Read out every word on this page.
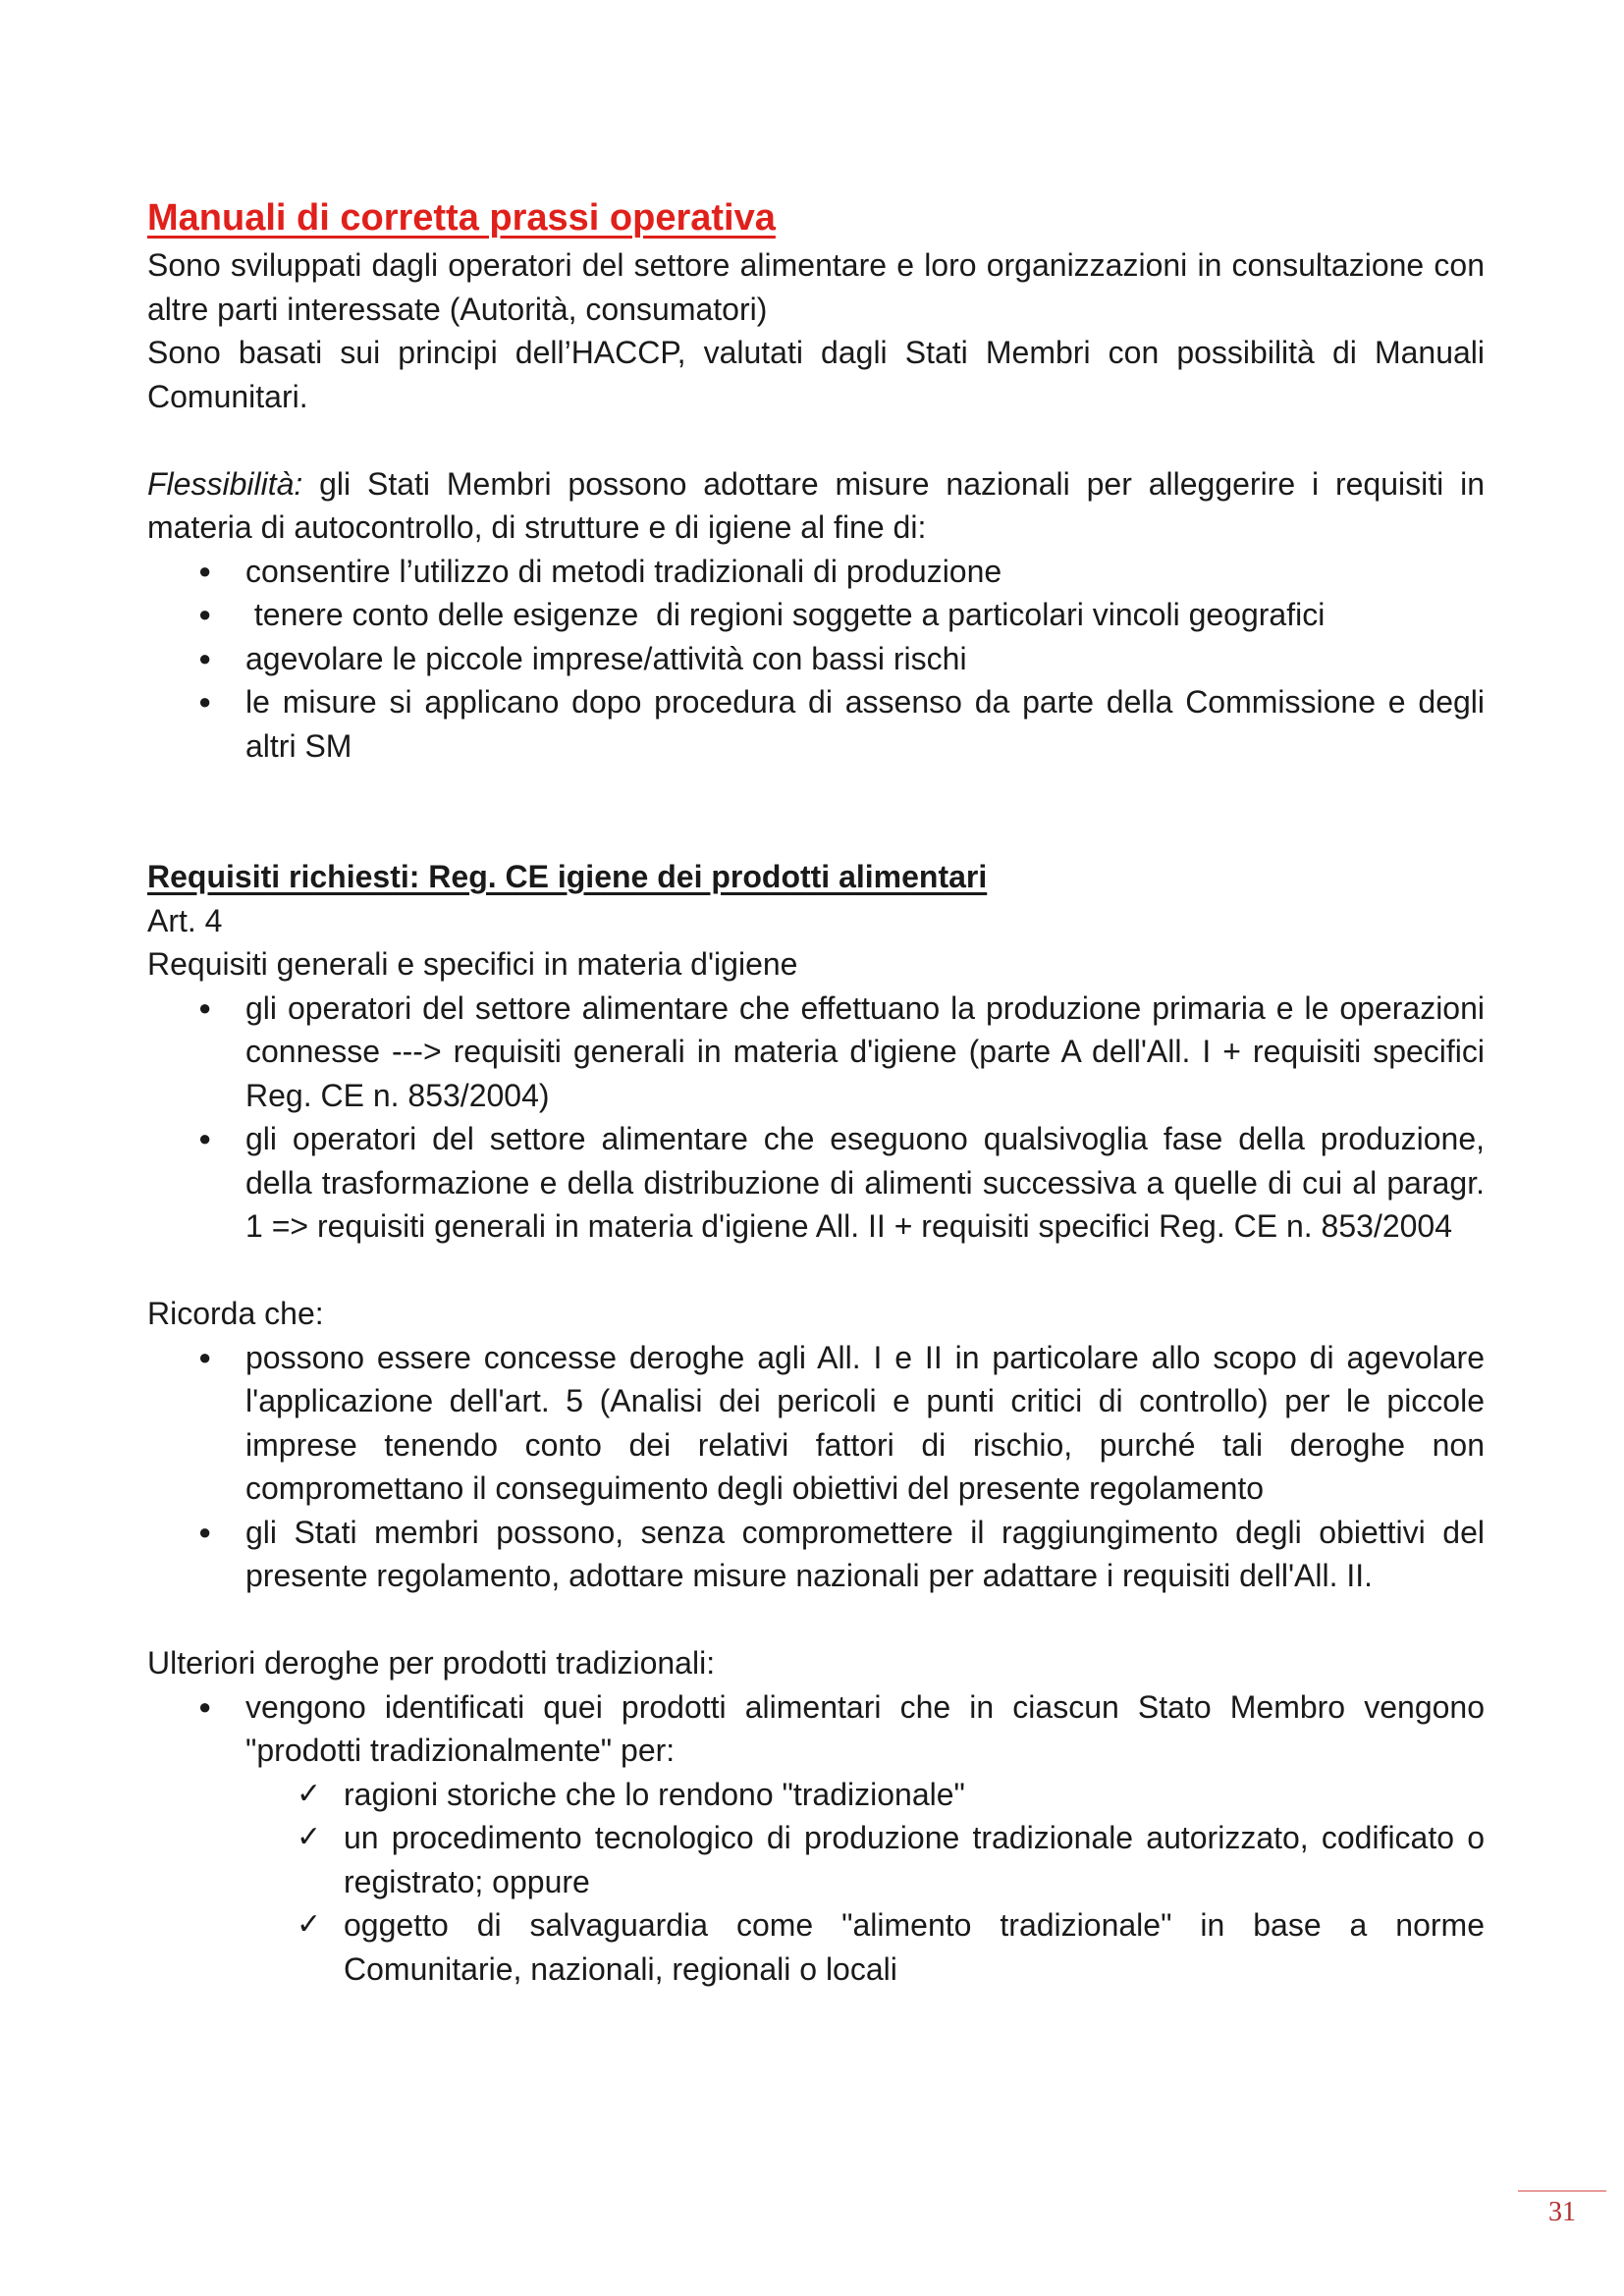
Manuali di corretta prassi operativa

Sono sviluppati dagli operatori del settore alimentare e loro organizzazioni in consultazione con altre parti interessate (Autorità, consumatori)

Sono basati sui principi dell’HACCP, valutati dagli Stati Membri con possibilità di Manuali Comunitari.

Flessibilità: gli Stati Membri possono adottare misure nazionali per alleggerire i requisiti in materia di autocontrollo, di strutture e di igiene al fine di:

● consentire l’utilizzo di metodi tradizionali di produzione
● tenere conto delle esigenze  di regioni soggette a particolari vincoli geografici
● agevolare le piccole imprese/attività con bassi rischi
● le misure si applicano dopo procedura di assenso da parte della Commissione e degli altri SM
Requisiti richiesti: Reg. CE igiene dei prodotti alimentari

Art. 4

Requisiti generali e specifici in materia d'igiene

● gli operatori del settore alimentare che effettuano la produzione primaria e le operazioni connesse ---> requisiti generali in materia d'igiene (parte A dell'All. I + requisiti specifici Reg. CE n. 853/2004)
● gli operatori del settore alimentare che eseguono qualsivoglia fase della produzione, della trasformazione e della distribuzione di alimenti successiva a quelle di cui al paragr. 1 => requisiti generali in materia d'igiene All. II + requisiti specifici Reg. CE n. 853/2004

Ricorda che:

● possono essere concesse deroghe agli All. I e II in particolare allo scopo di agevolare l'applicazione dell'art. 5 (Analisi dei pericoli e punti critici di controllo) per le piccole imprese tenendo conto dei relativi fattori di rischio, purché tali deroghe non compromettano il conseguimento degli obiettivi del presente regolamento
● gli Stati membri possono, senza compromettere il raggiungimento degli obiettivi del presente regolamento, adottare misure nazionali per adattare i requisiti dell'All. II.

Ulteriori deroghe per prodotti tradizionali:

● vengono identificati quei prodotti alimentari che in ciascun Stato Membro vengono "prodotti tradizionalmente" per:
✓ ragioni storiche che lo rendono "tradizionale"
✓ un procedimento tecnologico di produzione tradizionale autorizzato, codificato o registrato; oppure
✓ oggetto di salvaguardia come "alimento tradizionale" in base a norme Comunitarie, nazionali, regionali o locali
31
